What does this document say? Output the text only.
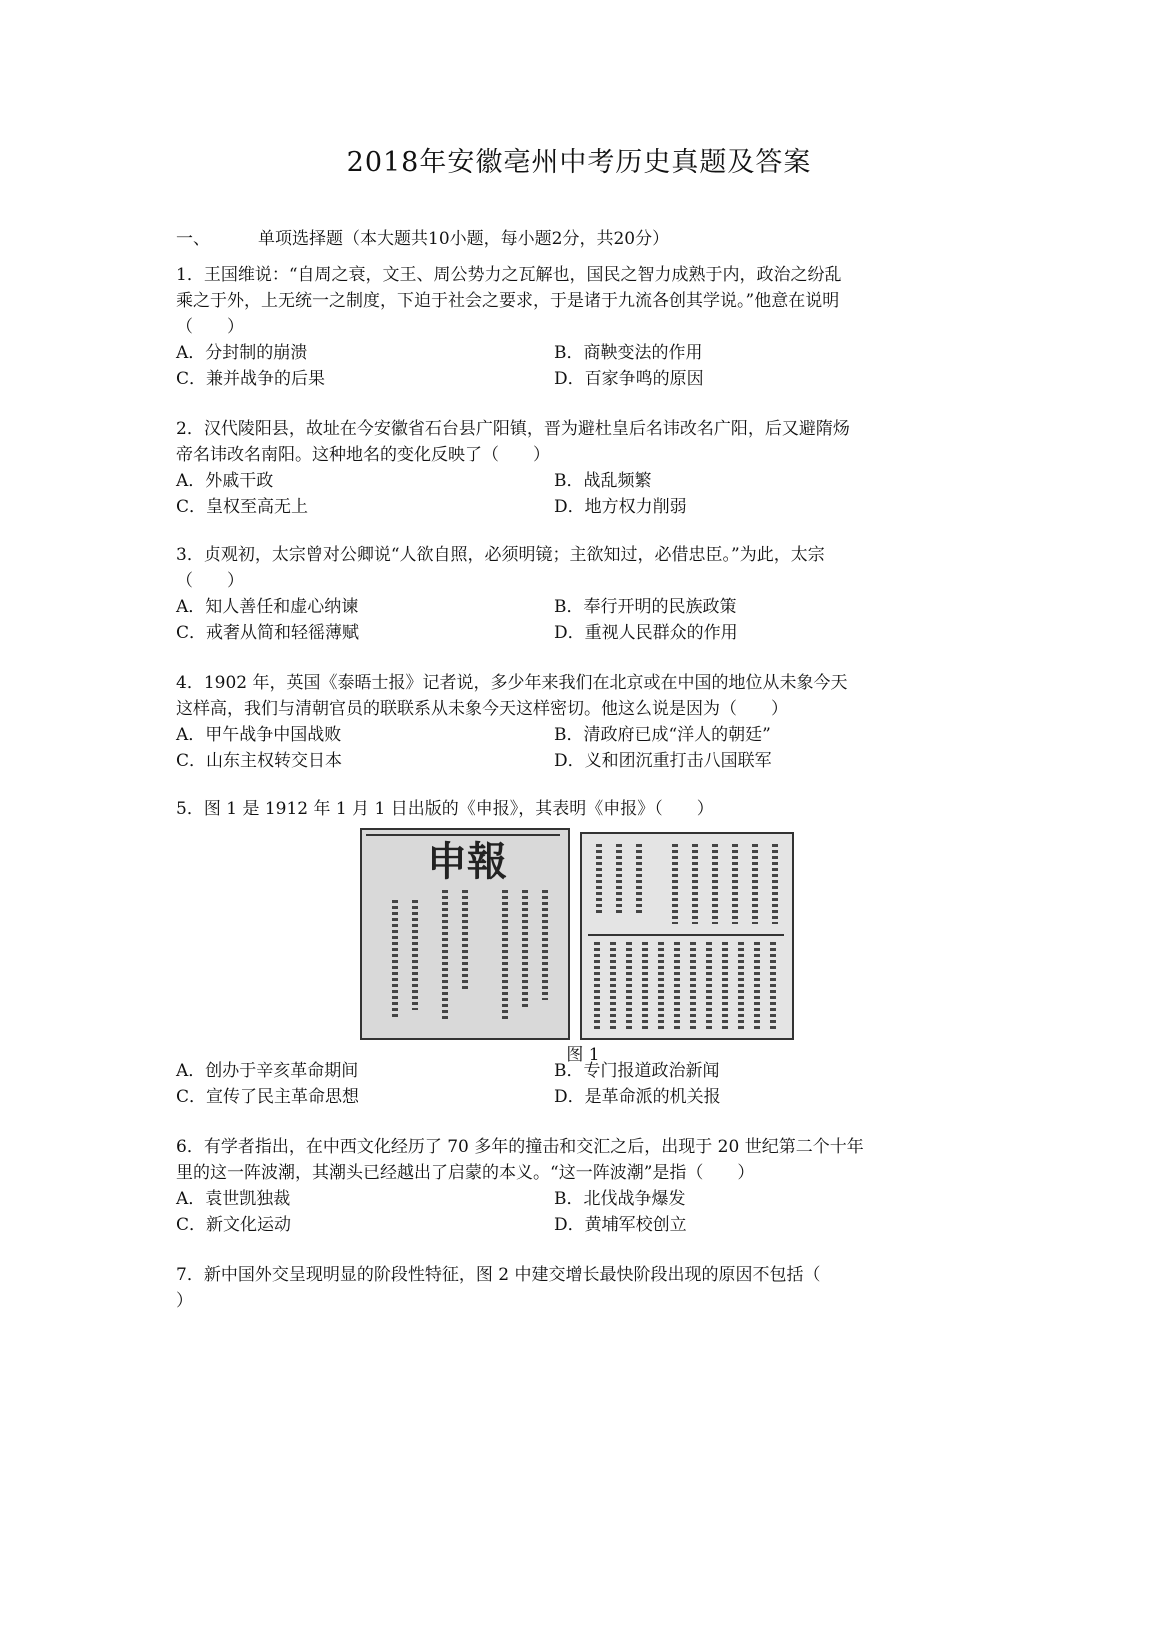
2018年安徽亳州中考历史真题及答案
一、	单项选择题（本大题共10小题，每小题2分，共20分）
1．王国维说：“自周之衰，文王、周公势力之瓦解也，国民之智力成熟于内，政治之纷乱
乘之于外，上无统一之制度，下迫于社会之要求，于是诸于九流各创其学说。”他意在说明
（　　）
A．分封制的崩溃	B．商鞅变法的作用
C．兼并战争的后果	D．百家争鸣的原因
2．汉代陵阳县，故址在今安徽省石台县广阳镇，晋为避杜皇后名讳改名广阳，后又避隋炀
帝名讳改名南阳。这种地名的变化反映了（　　）
A．外戚干政	B．战乱频繁
C．皇权至高无上	D．地方权力削弱
3．贞观初，太宗曾对公卿说“人欲自照，必须明镜；主欲知过，必借忠臣。”为此，太宗
（　　）
A．知人善任和虚心纳谏	B．奉行开明的民族政策
C．戒奢从简和轻徭薄赋	D．重视人民群众的作用
4．1902 年，英国《泰晤士报》记者说，多少年来我们在北京或在中国的地位从未象今天
这样高，我们与清朝官员的联联系从未象今天这样密切。他这么说是因为（　　）
A．甲午战争中国战败	B．清政府已成“洋人的朝廷”
C．山东主权转交日本	D．义和团沉重打击八国联军
5．图 1 是 1912 年 1 月 1 日出版的《申报》，其表明《申报》（　　）
申報
图 1
A．创办于辛亥革命期间	B．专门报道政治新闻
C．宣传了民主革命思想	D．是革命派的机关报
6．有学者指出，在中西文化经历了 70 多年的撞击和交汇之后，出现于 20 世纪第二个十年
里的这一阵波潮，其潮头已经越出了启蒙的本义。“这一阵波潮”是指（　　）
A．袁世凯独裁	B．北伐战争爆发
C．新文化运动	D．黄埔军校创立
7．新中国外交呈现明显的阶段性特征，图 2 中建交增长最快阶段出现的原因不包括（
）
